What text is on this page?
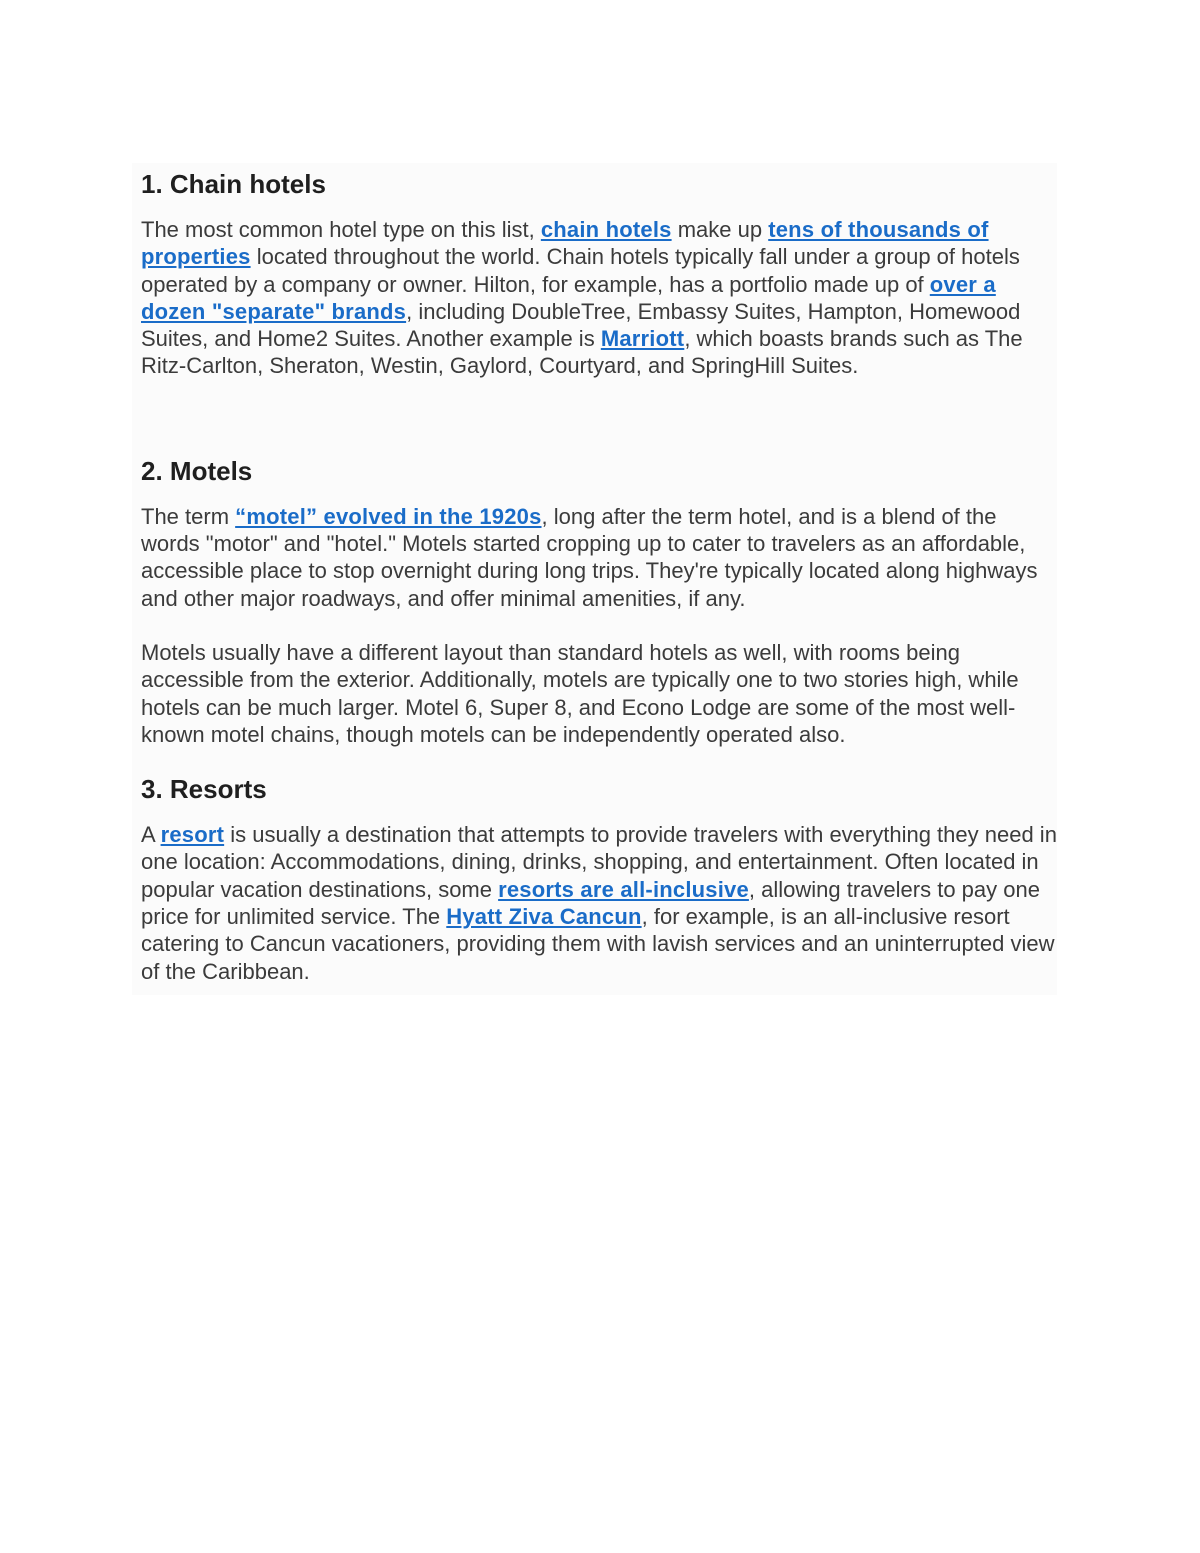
1. Chain hotels

The most common hotel type on this list, chain hotels make up tens of thousands of properties located throughout the world. Chain hotels typically fall under a group of hotels operated by a company or owner. Hilton, for example, has a portfolio made up of over a dozen "separate" brands, including DoubleTree, Embassy Suites, Hampton, Homewood Suites, and Home2 Suites. Another example is Marriott, which boasts brands such as The Ritz-Carlton, Sheraton, Westin, Gaylord, Courtyard, and SpringHill Suites.

2. Motels

The term “motel” evolved in the 1920s, long after the term hotel, and is a blend of the words "motor" and "hotel." Motels started cropping up to cater to travelers as an affordable, accessible place to stop overnight during long trips. They're typically located along highways and other major roadways, and offer minimal amenities, if any.

Motels usually have a different layout than standard hotels as well, with rooms being accessible from the exterior. Additionally, motels are typically one to two stories high, while hotels can be much larger. Motel 6, Super 8, and Econo Lodge are some of the most well-known motel chains, though motels can be independently operated also.

3. Resorts

A resort is usually a destination that attempts to provide travelers with everything they need in one location: Accommodations, dining, drinks, shopping, and entertainment. Often located in popular vacation destinations, some resorts are all-inclusive, allowing travelers to pay one price for unlimited service. The Hyatt Ziva Cancun, for example, is an all-inclusive resort catering to Cancun vacationers, providing them with lavish services and an uninterrupted view of the Caribbean.
